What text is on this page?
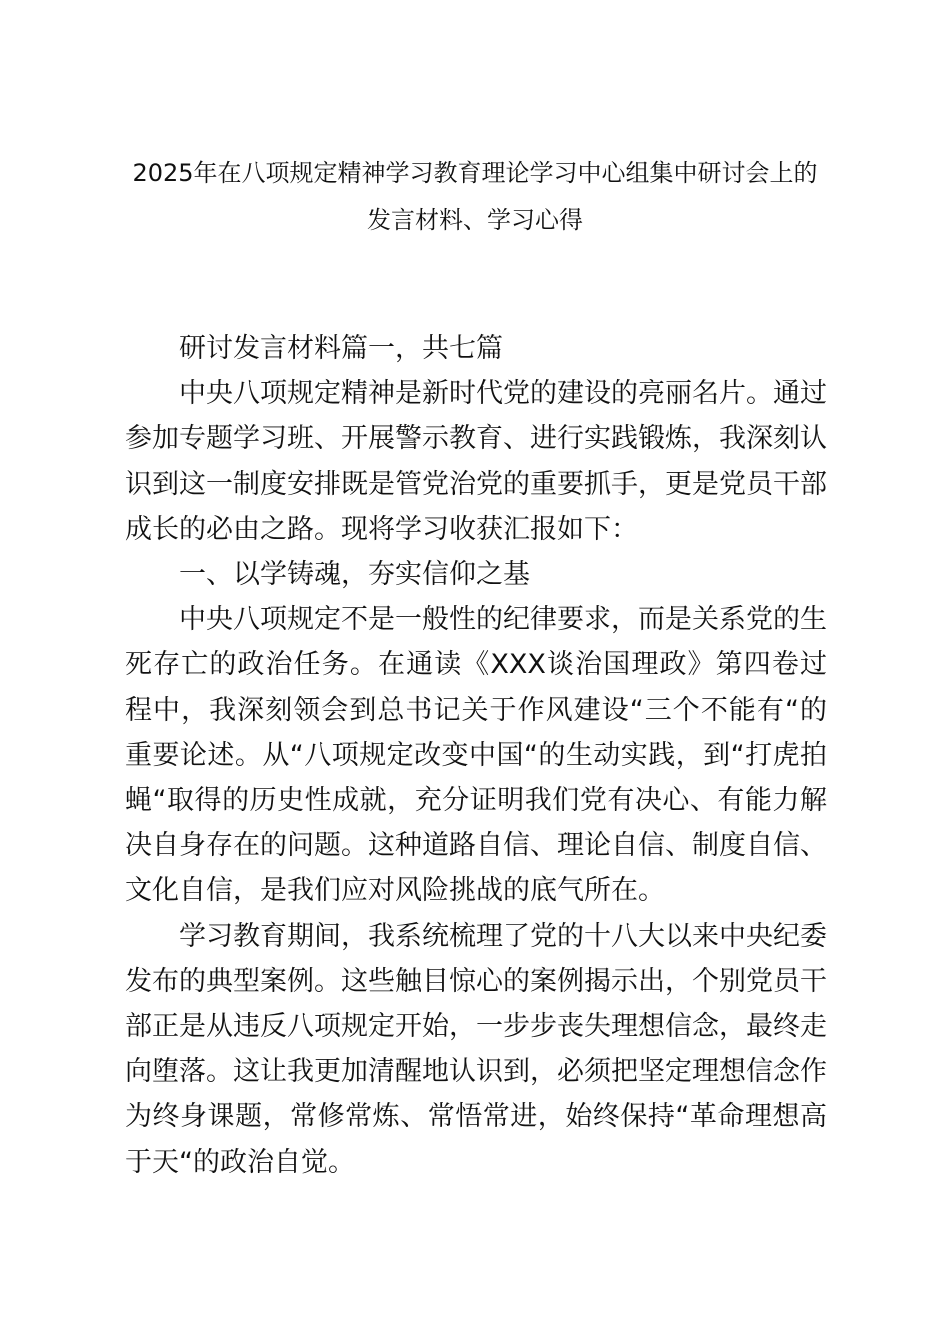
2025年在八项规定精神学习教育理论学习中心组集中研讨会上的发言材料、学习心得

研讨发言材料篇一，共七篇

中央八项规定精神是新时代党的建设的亮丽名片。通过参加专题学习班、开展警示教育、进行实践锻炼，我深刻认识到这一制度安排既是管党治党的重要抓手，更是党员干部成长的必由之路。现将学习收获汇报如下：

一、以学铸魂，夯实信仰之基

中央八项规定不是一般性的纪律要求，而是关系党的生死存亡的政治任务。在通读《XXX谈治国理政》第四卷过程中，我深刻领会到总书记关于作风建设“三个不能有“的重要论述。从“八项规定改变中国“的生动实践，到“打虎拍蝇“取得的历史性成就，充分证明我们党有决心、有能力解决自身存在的问题。这种道路自信、理论自信、制度自信、文化自信，是我们应对风险挑战的底气所在。

学习教育期间，我系统梳理了党的十八大以来中央纪委发布的典型案例。这些触目惊心的案例揭示出，个别党员干部正是从违反八项规定开始，一步步丧失理想信念，最终走向堕落。这让我更加清醒地认识到，必须把坚定理想信念作为终身课题，常修常炼、常悟常进，始终保持“革命理想高于天“的政治自觉。
